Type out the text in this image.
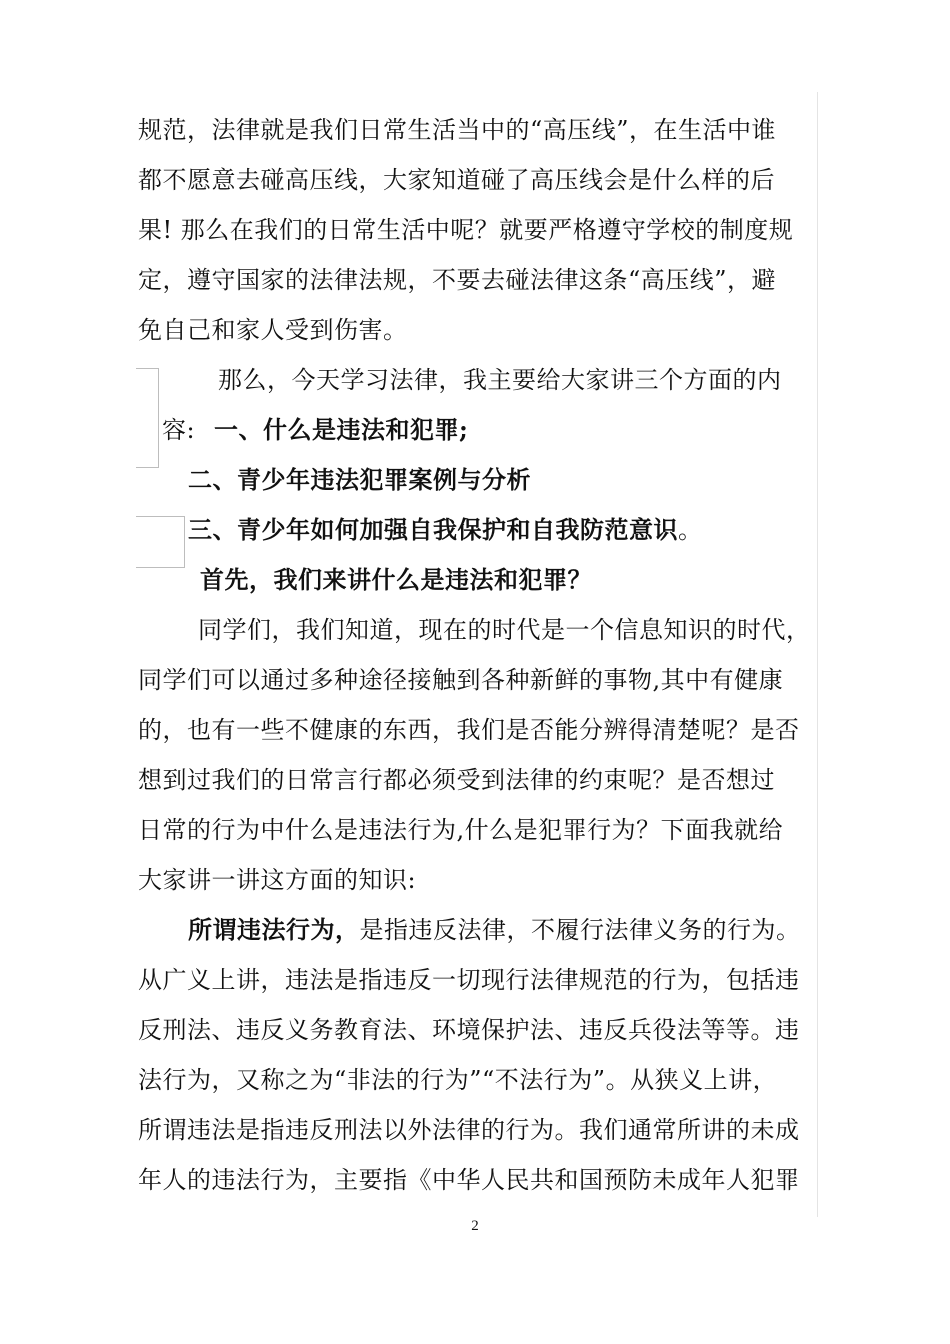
规范，法律就是我们日常生活当中的“高压线”，在生活中谁
都不愿意去碰高压线，大家知道碰了高压线会是什么样的后
果! 那么在我们的日常生活中呢？就要严格遵守学校的制度规
定，遵守国家的法律法规，不要去碰法律这条“高压线”，避
免自己和家人受到伤害。
那么，今天学习法律，我主要给大家讲三个方面的内
容: 一、什么是违法和犯罪;
二、青少年违法犯罪案例与分析
三、青少年如何加强自我保护和自我防范意识。
首先，我们来讲什么是违法和犯罪？
同学们，我们知道，现在的时代是一个信息知识的时代，
同学们可以通过多种途径接触到各种新鲜的事物,其中有健康
的，也有一些不健康的东西，我们是否能分辨得清楚呢？是否
想到过我们的日常言行都必须受到法律的约束呢？是否想过
日常的行为中什么是违法行为,什么是犯罪行为？下面我就给
大家讲一讲这方面的知识:
所谓违法行为，是指违反法律，不履行法律义务的行为。
从广义上讲，违法是指违反一切现行法律规范的行为，包括违
反刑法、违反义务教育法、环境保护法、违反兵役法等等。违
法行为，又称之为“非法的行为”“不法行为”。从狭义上讲，
所谓违法是指违反刑法以外法律的行为。我们通常所讲的未成
年人的违法行为，主要指《中华人民共和国预防未成年人犯罪
2
